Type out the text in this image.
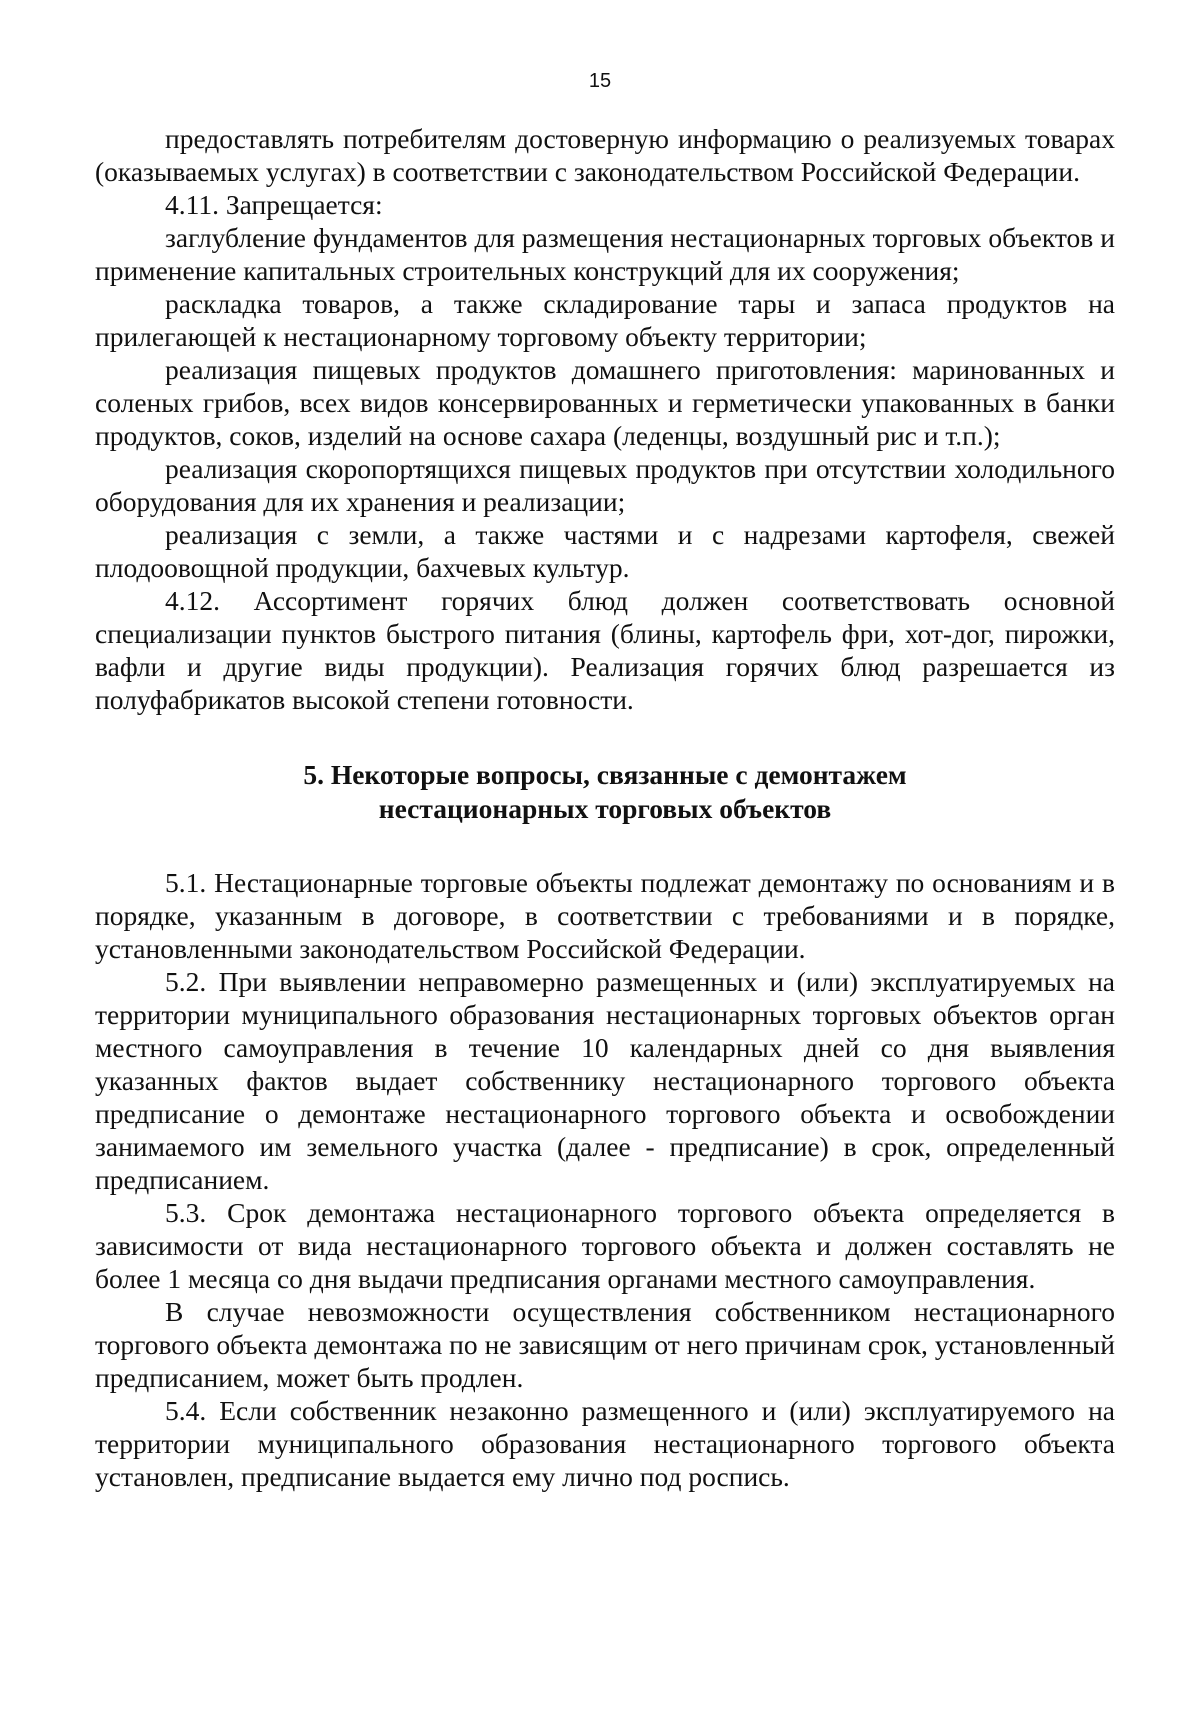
15

предоставлять потребителям достоверную информацию о реализуемых товарах (оказываемых услугах) в соответствии с законодательством Российской Федерации.

4.11. Запрещается:

заглубление фундаментов для размещения нестационарных торговых объектов и применение капитальных строительных конструкций для их сооружения;

раскладка товаров, а также складирование тары и запаса продуктов на прилегающей к нестационарному торговому объекту территории;

реализация пищевых продуктов домашнего приготовления: маринованных и соленых грибов, всех видов консервированных и герметически упакованных в банки продуктов, соков, изделий на основе сахара (леденцы, воздушный рис и т.п.);

реализация скоропортящихся пищевых продуктов при отсутствии холодильного оборудования для их хранения и реализации;

реализация с земли, а также частями и с надрезами картофеля, свежей плодоовощной продукции, бахчевых культур.

4.12. Ассортимент горячих блюд должен соответствовать основной специализации пунктов быстрого питания (блины, картофель фри, хот-дог, пирожки, вафли и другие виды продукции). Реализация горячих блюд разрешается из полуфабрикатов высокой степени готовности.

5. Некоторые вопросы, связанные с демонтажем
нестационарных торговых объектов

5.1. Нестационарные торговые объекты подлежат демонтажу по основаниям и в порядке, указанным в договоре, в соответствии с требованиями и в порядке, установленными законодательством Российской Федерации.

5.2. При выявлении неправомерно размещенных и (или) эксплуатируемых на территории муниципального образования нестационарных торговых объектов орган местного самоуправления в течение 10 календарных дней со дня выявления указанных фактов выдает собственнику нестационарного торгового объекта предписание о демонтаже нестационарного торгового объекта и освобождении занимаемого им земельного участка (далее - предписание) в срок, определенный предписанием.

5.3. Срок демонтажа нестационарного торгового объекта определяется в зависимости от вида нестационарного торгового объекта и должен составлять не более 1 месяца со дня выдачи предписания органами местного самоуправления.

В случае невозможности осуществления собственником нестационарного торгового объекта демонтажа по не зависящим от него причинам срок, установленный предписанием, может быть продлен.

5.4. Если собственник незаконно размещенного и (или) эксплуатируемого на территории муниципального образования нестационарного торгового объекта установлен, предписание выдается ему лично под роспись.
